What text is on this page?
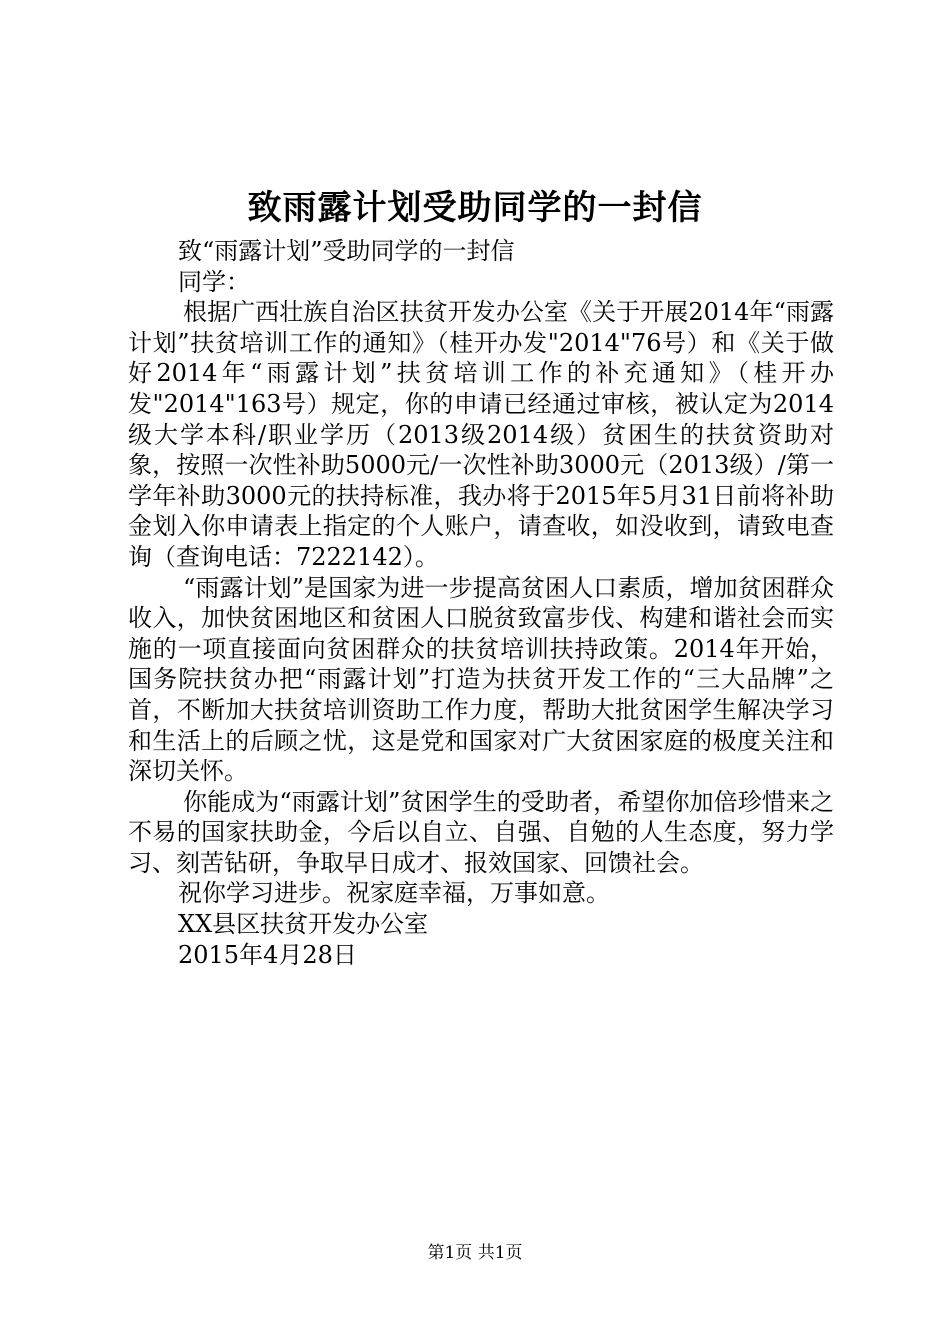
致雨露计划受助同学的一封信

致“雨露计划”受助同学的一封信

同学：

根据广西壮族自治区扶贫开发办公室《关于开展2014年“雨露计划”扶贫培训工作的通知》（桂开办发"2014"76号）和《关于做好2014年“雨露计划”扶贫培训工作的补充通知》（桂开办发"2014"163号）规定，你的申请已经通过审核，被认定为2014级大学本科/职业学历（2013级2014级）贫困生的扶贫资助对象，按照一次性补助5000元/一次性补助3000元（2013级）/第一学年补助3000元的扶持标准，我办将于2015年5月31日前将补助金划入你申请表上指定的个人账户，请查收，如没收到，请致电查询（查询电话：7222142）。

“雨露计划”是国家为进一步提高贫困人口素质，增加贫困群众收入，加快贫困地区和贫困人口脱贫致富步伐、构建和谐社会而实施的一项直接面向贫困群众的扶贫培训扶持政策。2014年开始，国务院扶贫办把“雨露计划”打造为扶贫开发工作的“三大品牌”之首，不断加大扶贫培训资助工作力度，帮助大批贫困学生解决学习和生活上的后顾之忧，这是党和国家对广大贫困家庭的极度关注和深切关怀。

你能成为“雨露计划”贫困学生的受助者，希望你加倍珍惜来之不易的国家扶助金，今后以自立、自强、自勉的人生态度，努力学习、刻苦钻研，争取早日成才、报效国家、回馈社会。

祝你学习进步。祝家庭幸福，万事如意。

XX县区扶贫开发办公室

2015年4月28日

第1页 共1页
